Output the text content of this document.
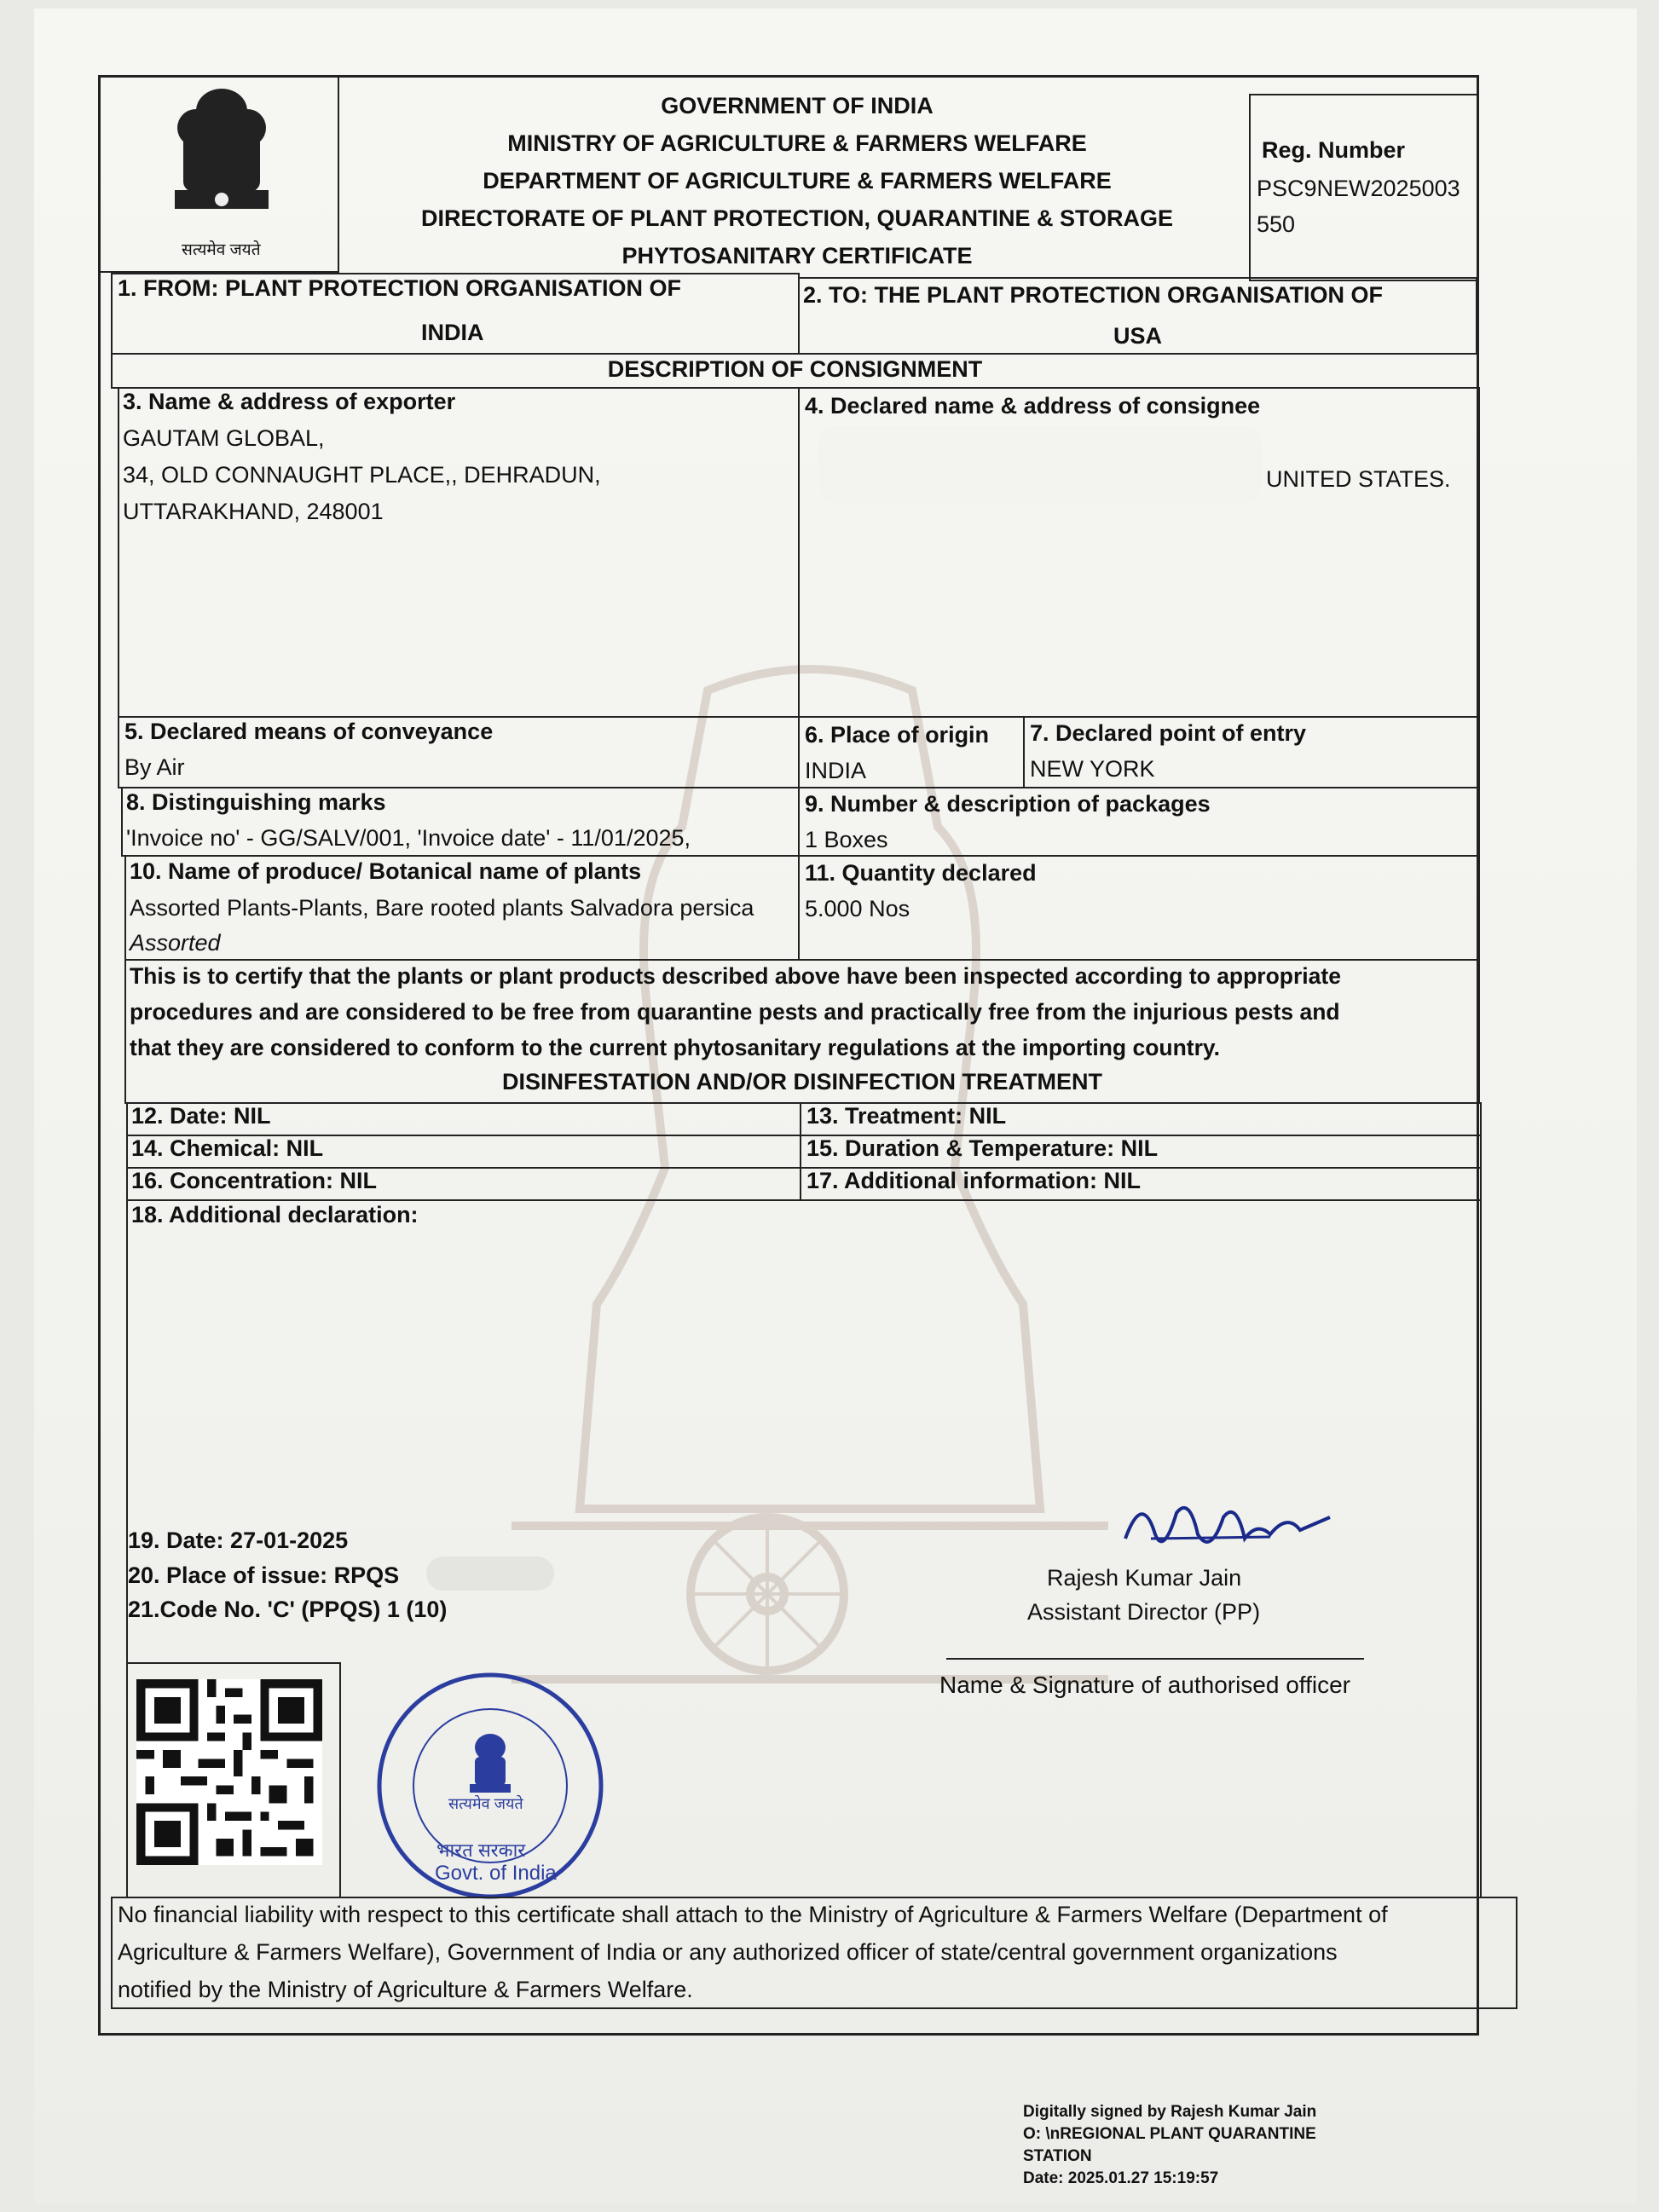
सत्यमेव जयते
GOVERNMENT OF INDIA
MINISTRY OF AGRICULTURE & FARMERS WELFARE
DEPARTMENT OF AGRICULTURE & FARMERS WELFARE
DIRECTORATE OF PLANT PROTECTION, QUARANTINE & STORAGE
PHYTOSANITARY CERTIFICATE
Reg. Number
PSC9NEW2025003
550
1. FROM: PLANT PROTECTION ORGANISATION OF
INDIA
2. TO: THE PLANT PROTECTION ORGANISATION OF
USA
DESCRIPTION OF CONSIGNMENT
3. Name & address of exporter
GAUTAM GLOBAL,
34, OLD CONNAUGHT PLACE,, DEHRADUN,
UTTARAKHAND, 248001
4. Declared name & address of consignee
UNITED STATES.
5. Declared means of conveyance
By Air
6. Place of origin
INDIA
7. Declared point of entry
NEW YORK
8. Distinguishing marks
'Invoice no' - GG/SALV/001, 'Invoice date' - 11/01/2025,
9. Number & description of packages
1 Boxes
10. Name of produce/ Botanical name of plants
Assorted Plants-Plants, Bare rooted plants Salvadora persica
Assorted
11. Quantity declared
5.000 Nos
This is to certify that the plants or plant products described above have been inspected according to appropriate
procedures and are considered to be free from quarantine pests and practically free from the injurious pests and
that they are considered to conform to the current phytosanitary regulations at the importing country.
DISINFESTATION AND/OR DISINFECTION TREATMENT
12. Date: NIL	13. Treatment: NIL
14. Chemical: NIL	15. Duration & Temperature: NIL
16. Concentration: NIL	17. Additional information: NIL
18. Additional declaration:
19. Date: 27-01-2025
20. Place of issue: RPQS
21.Code No. 'C' (PPQS) 1 (10)
Rajesh Kumar Jain
Assistant Director (PP)
Name & Signature of authorised officer
सत्यमेव जयते
भारत सरकार
Govt. of India
No financial liability with respect to this certificate shall attach to the Ministry of Agriculture & Farmers Welfare (Department of
Agriculture & Farmers Welfare), Government of India or any authorized officer of state/central government organizations
notified by the Ministry of Agriculture & Farmers Welfare.
Digitally signed by Rajesh Kumar Jain
O: \nREGIONAL PLANT QUARANTINE
STATION
Date: 2025.01.27 15:19:57
